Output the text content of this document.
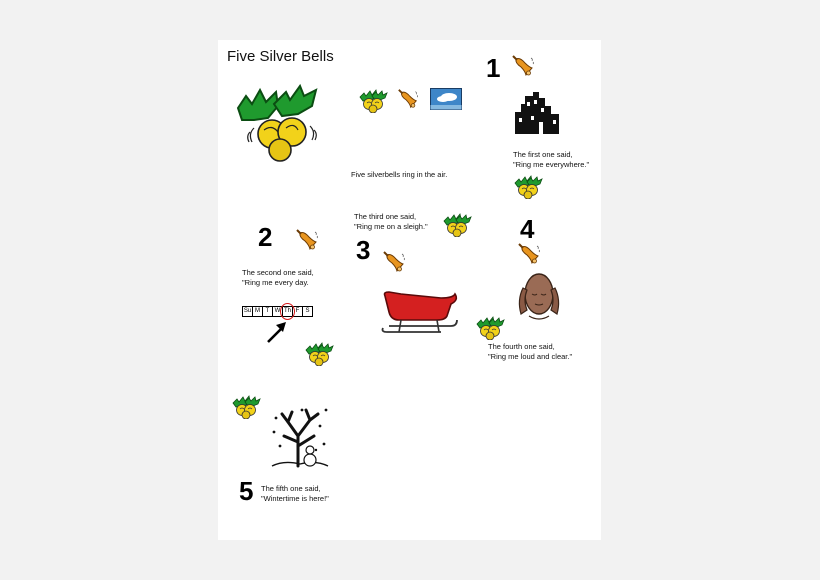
Five Silver Bells	1
The first one said,
"Ring me everywhere."
Five silverbells ring in the air.
2
The second one said,
"Ring me every day.
Su M T W Th F	S
The third one said,
"Ring me on a sleigh."
3
4
The fourth one said,
"Ring me loud and clear."
5 The fifth one said,
"Wintertime is here!"
